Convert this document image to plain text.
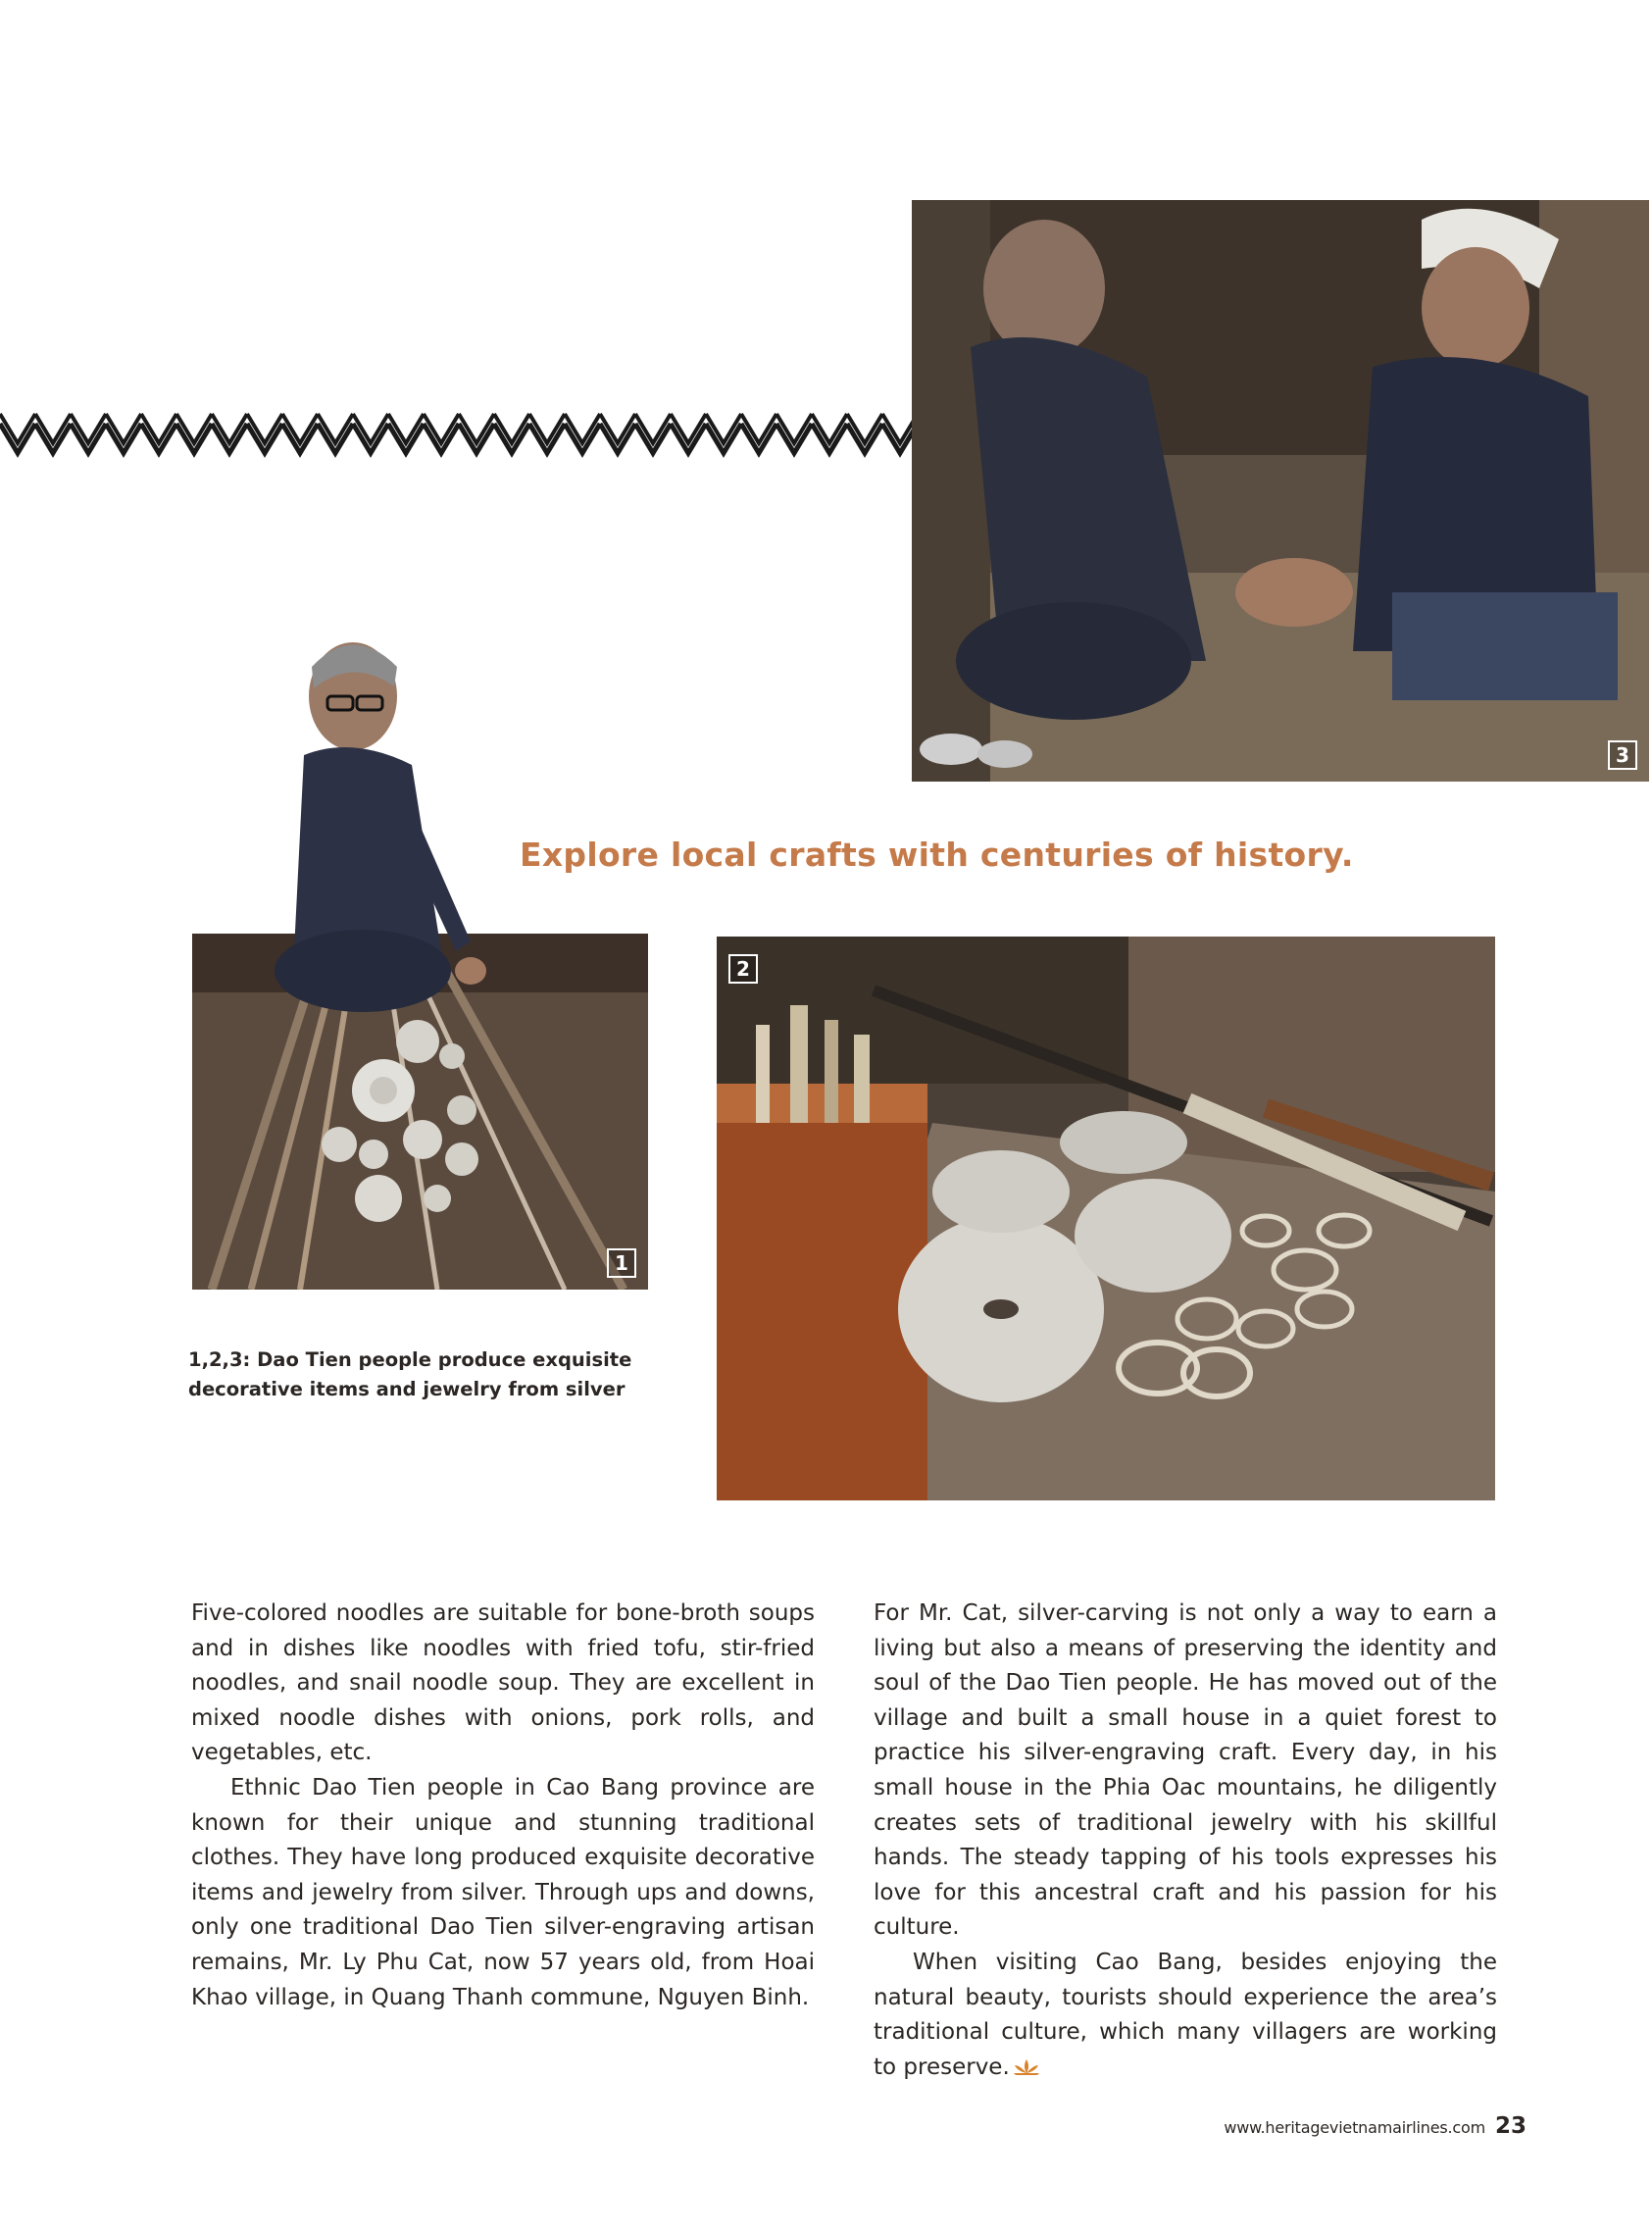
3
1
Explore local crafts with centuries of history.
2
1,2,3: Dao Tien people produce exquisite decorative items and jewelry from silver

Five-colored noodles are suitable for bone-broth soups and in dishes like noodles with fried tofu, stir-fried noodles, and snail noodle soup. They are excellent in mixed noodle dishes with onions, pork rolls, and vegetables, etc.

Ethnic Dao Tien people in Cao Bang province are known for their unique and stunning traditional clothes. They have long produced exquisite decorative items and jewelry from silver. Through ups and downs, only one traditional Dao Tien silver-engraving artisan remains, Mr. Ly Phu Cat, now 57 years old, from Hoai Khao village, in Quang Thanh commune, Nguyen Binh.

For Mr. Cat, silver-carving is not only a way to earn a living but also a means of preserving the identity and soul of the Dao Tien people. He has moved out of the village and built a small house in a quiet forest to practice his silver-engraving craft. Every day, in his small house in the Phia Oac mountains, he diligently creates sets of traditional jewelry with his skillful hands. The steady tapping of his tools expresses his love for this ancestral craft and his passion for his culture.

When visiting Cao Bang, besides enjoying the natural beauty, tourists should experience the area’s traditional culture, which many villagers are working to preserve.

www.heritagevietnamairlines.com 23
